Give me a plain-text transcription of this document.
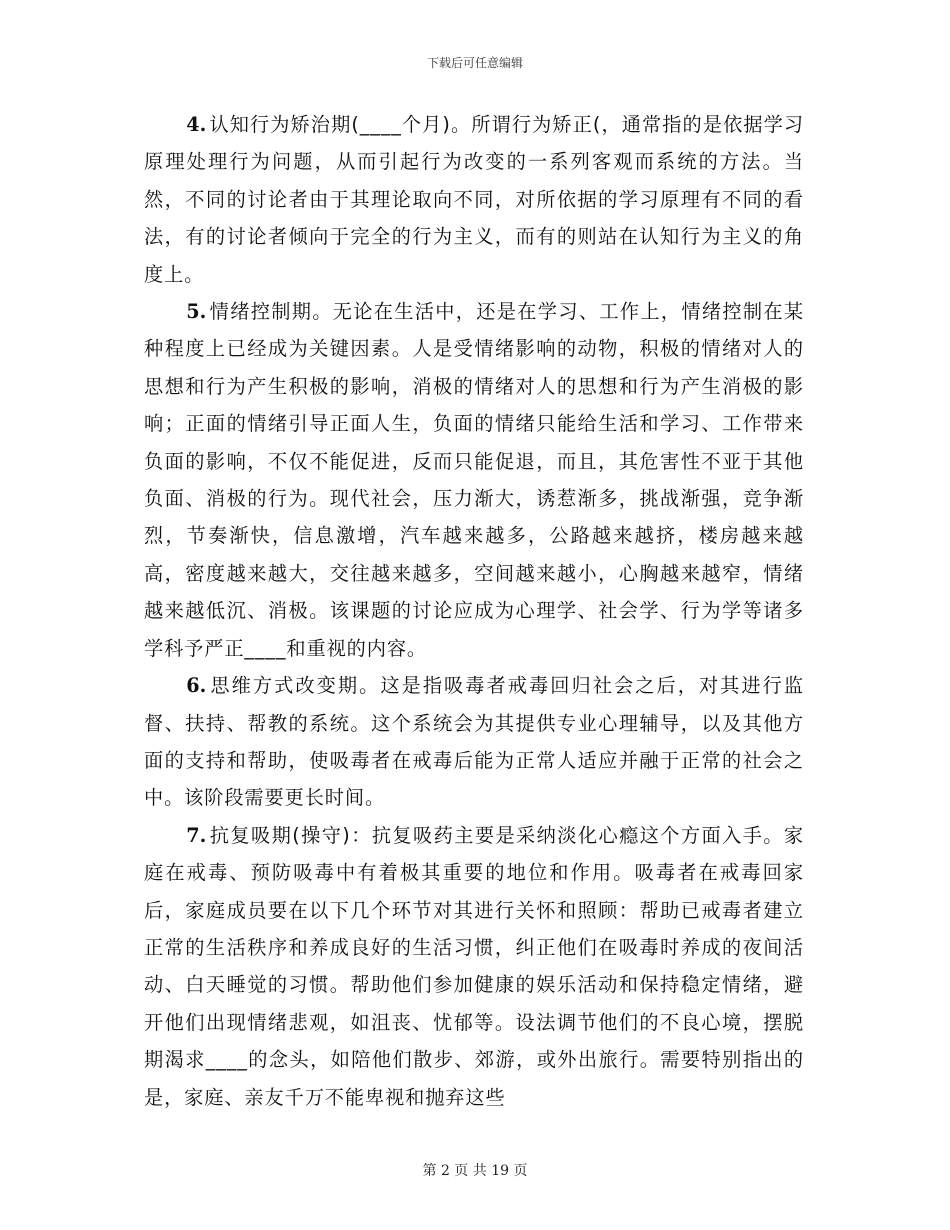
下载后可任意编辑

4. 认知行为矫治期(____个月)。所谓行为矫正(，通常指的是依据学习原理处理行为问题，从而引起行为改变的一系列客观而系统的方法。当然，不同的讨论者由于其理论取向不同，对所依据的学习原理有不同的看法，有的讨论者倾向于完全的行为主义，而有的则站在认知行为主义的角度上。

5. 情绪控制期。无论在生活中，还是在学习、工作上，情绪控制在某种程度上已经成为关键因素。人是受情绪影响的动物，积极的情绪对人的思想和行为产生积极的影响，消极的情绪对人的思想和行为产生消极的影响；正面的情绪引导正面人生，负面的情绪只能给生活和学习、工作带来负面的影响，不仅不能促进，反而只能促退，而且，其危害性不亚于其他负面、消极的行为。现代社会，压力渐大，诱惹渐多，挑战渐强，竞争渐烈，节奏渐快，信息激增，汽车越来越多，公路越来越挤，楼房越来越高，密度越来越大，交往越来越多，空间越来越小，心胸越来越窄，情绪越来越低沉、消极。该课题的讨论应成为心理学、社会学、行为学等诸多学科予严正____和重视的内容。

6. 思维方式改变期。这是指吸毒者戒毒回归社会之后，对其进行监督、扶持、帮教的系统。这个系统会为其提供专业心理辅导，以及其他方面的支持和帮助，使吸毒者在戒毒后能为正常人适应并融于正常的社会之中。该阶段需要更长时间。

7. 抗复吸期(操守)：抗复吸药主要是采纳淡化心瘾这个方面入手。家庭在戒毒、预防吸毒中有着极其重要的地位和作用。吸毒者在戒毒回家后，家庭成员要在以下几个环节对其进行关怀和照顾：帮助已戒毒者建立正常的生活秩序和养成良好的生活习惯，纠正他们在吸毒时养成的夜间活动、白天睡觉的习惯。帮助他们参加健康的娱乐活动和保持稳定情绪，避开他们出现情绪悲观，如沮丧、忧郁等。设法调节他们的不良心境，摆脱期渴求____的念头，如陪他们散步、郊游，或外出旅行。需要特别指出的是，家庭、亲友千万不能卑视和抛弃这些

第 2 页 共 19 页
